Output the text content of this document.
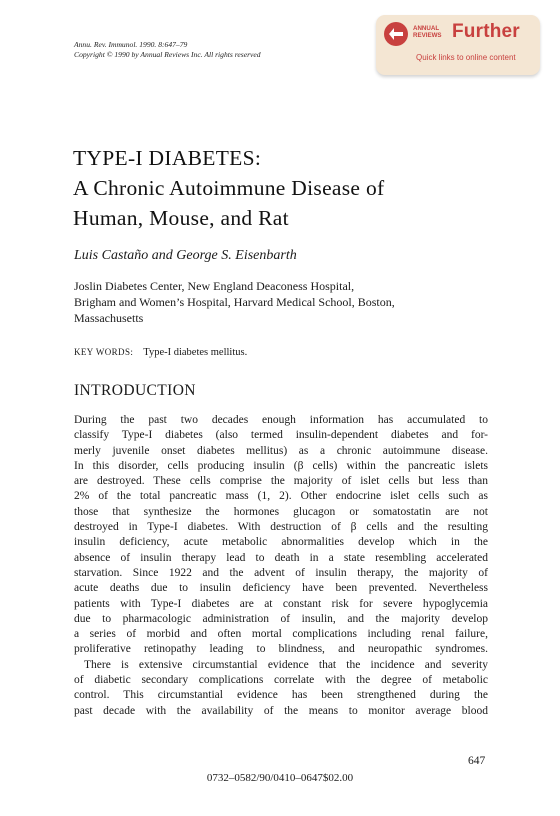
Annu. Rev. Immunol. 1990. 8:647–79
Copyright © 1990 by Annual Reviews Inc. All rights reserved
ANNUAL
REVIEWS Further
Quick links to online content
TYPE-I DIABETES:
A Chronic Autoimmune Disease of
Human, Mouse, and Rat
Luis Castaño and George S. Eisenbarth
Joslin Diabetes Center, New England Deaconess Hospital,
Brigham and Women’s Hospital, Harvard Medical School, Boston,
Massachusetts
KEY WORDS: Type-I diabetes mellitus.
INTRODUCTION
During the past two decades enough information has accumulated to
classify Type-I diabetes (also termed insulin-dependent diabetes and for-
merly juvenile onset diabetes mellitus) as a chronic autoimmune disease.
In this disorder, cells producing insulin (β cells) within the pancreatic islets
are destroyed. These cells comprise the majority of islet cells but less than
2% of the total pancreatic mass (1, 2). Other endocrine islet cells such as
those that synthesize the hormones glucagon or somatostatin are not
destroyed in Type-I diabetes. With destruction of β cells and the resulting
insulin deficiency, acute metabolic abnormalities develop which in the
absence of insulin therapy lead to death in a state resembling accelerated
starvation. Since 1922 and the advent of insulin therapy, the majority of
acute deaths due to insulin deficiency have been prevented. Nevertheless
patients with Type-I diabetes are at constant risk for severe hypoglycemia
due to pharmacologic administration of insulin, and the majority develop
a series of morbid and often mortal complications including renal failure,
proliferative retinopathy leading to blindness, and neuropathic syndromes.
There is extensive circumstantial evidence that the incidence and severity
of diabetic secondary complications correlate with the degree of metabolic
control. This circumstantial evidence has been strengthened during the
past decade with the availability of the means to monitor average blood
647
0732–0582/90/0410–0647$02.00
